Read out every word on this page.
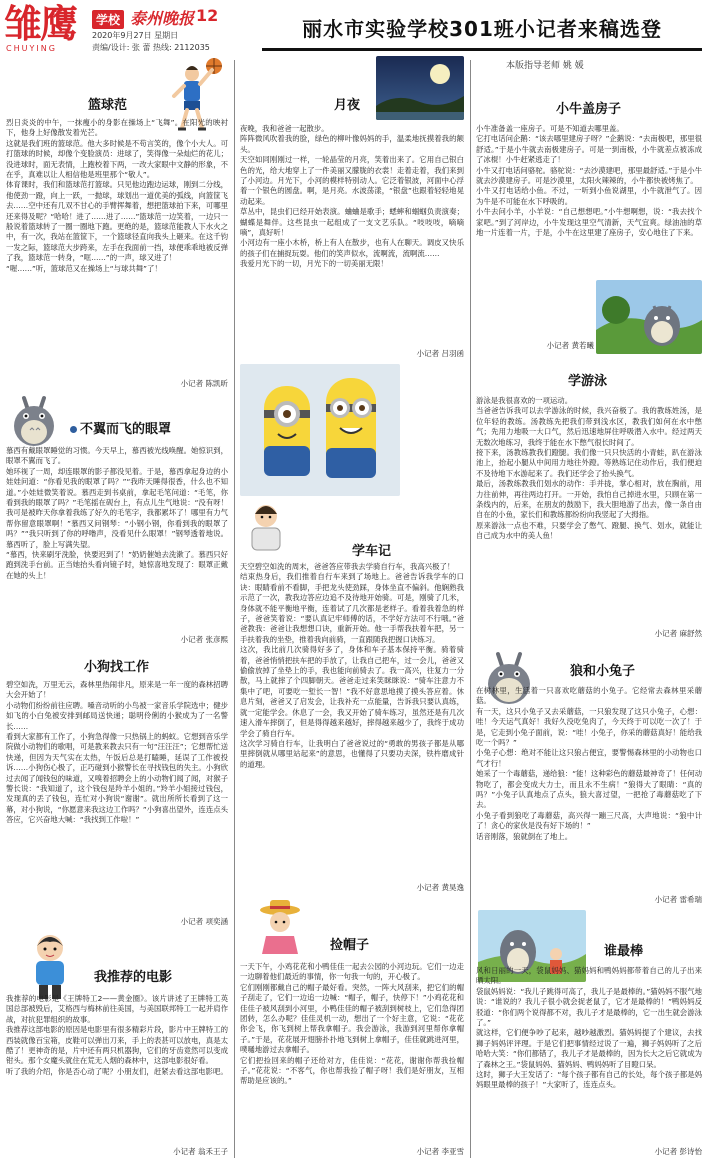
雏鹰
CHUYING
学校 泰州晚报 12
2020年9月27日 星期日
责编/设计: 张 蕾 热线: 2112035
丽水市实验学校301班小记者来稿选登
本版指导老师 姚 媛
篮球范
烈日炎炎的中午，一抹瘦小的身影在操场上“飞舞”。在阳光的映衬下，他身上好像散发着光芒。
这就是我们班的篮球范。他大多时候是不苟言笑的，像个小大人。可打篮球的时候，却像个变脸演员：进球了，笑得像一朵灿烂的花儿；没进球时，面无表情，上跑校着下两，一改大家眼中文静的形象，不在乎，真难以让人相信他是班里那个“敬人”。
体育课时，我们和篮球范打篮球。只见他边跑边运球，刚到二分线，他使劲一蹬，向上一跃，一抛球，球划出一道优美的弧线，向篮筐飞去……空中还有几双不甘心的手臂挥舞着，想把篮球拍下来，可哪里还来得及呢？“哈哈！进了……进了……”篮球范一边笑着，一边只一般说着篮球转了一圈一圈地下跑。更绝的是，篮球范能教人下水火之中，有一次，我站在篮筐下，一个篮球径直向我头上砸来。在这千钧一发之际，篮球范大步跨来，左手在我面前一挡，球便乖乖地被反弹了我，篮球范一转身，“哐……”的一声，球又进了！
“喔……”听，篮球范又在操场上“与球共舞”了！
小记者 陈凯昕
不翼而飞的眼罩
慕西有戴眼罩睡觉的习惯。今天早上，慕西被光线唤醒。她惊识到，眼罩不翼而飞了。
她环视了一周，却连眼罩的影子都没见着。于是，慕西拿起身边的小娃娃问道：“你看见我的眼罩了吗？”“我昨天睡得很香，什么也不知道。”小娃娃微笑着说。慕西走到书桌前，拿起毛笔问道：“毛笔，你看到我的眼罩了吗？”毛笔摇在砚台上，有点儿生气地说：“没有呀！我可是被昨天你拿着我练了好久的毛笔字，我都累坏了！哪里有力气帮你留意眼罩啊！”慕西又问钢琴：“小钢小钢，你看到我的眼罩了吗？”“我只听到了你的呼噜声，没看见什么眼罩！”钢琴透着地说。慕西听了，脸上写满失望。
“慕西，快来刷牙洗脸，快要迟到了！”奶奶催她去洗漱了。慕西只好跑到洗手台前。正当她抬头看向镜子时，她惊喜地发现了：眼罩正戴在她的头上！
小记者 张彦熙
小狗找工作
碧空如洗，万里无云，森林里热闹非凡，原来是一年一度的森林招聘大会开始了！
小动物们纷纷前往应聘。嗓音动听的小鸟被一家音乐学院选中；健步如飞的小白兔被安排到邮局送快递；聪明伶俐的小猴成为了一名警长……
看到大家都有工作了，小狗急得像一只热锅上的蚂蚁。它想到音乐学院做小动物们的歌唱，可是教来教去只有一句“汪汪汪”；它想帮忙送快递，但因为天气实在太热，午饭后总是打瞌睡，延误了工作被投诉……小狗伤心极了，正巧碰到小猴警长在寻找钱包的失主。小狗欣过去闻了闻钱包的味道，又嗅着招聘会上的小动物们闻了闻，对猴子警长说：“我知道了，这个钱包是羚羊小姐的。”羚羊小姐接过钱包，发现真的丢了钱包，连忙对小狗说“谢谢”。就出所所长看到了这一幕，对小狗说，“你愿意来我这边工作吗？”小狗喜出望外，连连点头答应，它兴奋地大喊：“我找到工作啦！”
小记者 项奕涵
我推荐的电影
我推荐的电影是《王牌特工2——黄金圈》。该片讲述了王牌特工英国总部被毁后，艾格西与梅林前往美国，与美国联邦特工一起并肩作战，对抗犯罪组织的故事。
我推荐这部电影的原因是电影里有很多精彩片段，影片中王牌特工的西装就像百宝箱，皮鞋可以弹出刀来，手上的表甚可以放电，真是太酷了！更神奇的是，片中还有两只机器狗，它们的牙齿竟然可以变成钳头。那个女魔头就住在荒无人烟的森林中，这部电影很好看。
听了我的介绍，你是否心动了呢？小朋友们，赶紧去看这部电影吧。
小记者 翁禾王子
月夜
夜晚，我和爸爸一起散步。
阵阵微风吹着我的脸，绿色的柳叶像妈妈的手，温柔地抚摸着我的额头。
天空如同刚刚过一样，一轮晶莹的月亮，笑着出来了。它用自己银白色的光，给大地穿上了一件美丽又朦胧的衣裳！走着走着，我们来到了小河边。月光下，小河的模样特别动人。它泛着银波，河面中心浮着一个银色的圆盘。啊，是月亮。水波荡漾，“银盘”也跟着轻轻地晃动起来。
草丛中，昆虫们已经开始表演。蛐蛐是歌手；蟋蟀和蝈蝈负责演奏；蝴蝶是舞伴。这些昆虫一起组成了一支文艺乐队。“吱吱吱，嘀嘀嘀”，真好听！
小河边有一座小木桥，桥上有人在散步，也有人在聊天。调皮又快乐的孩子们在捕捉玩耍。他们的笑声似水，流啊流，流啊流……
我爱月光下的一切，月光下的一切美丽无限！
小记者 吕羽函
学车记
天空碧空如洗的周末，爸爸答应带我去学骑自行车，我高兴极了！
结束热身后，我们推着自行车来到了场地上。爸爸告诉我学车的口诀：眼睛看前不看脚，手把龙头使劲踩，身体坐直不偏斜。他娴熟我示范了一次，教我边答应边追不及待地开始骑。可是，刚骑了几米，身体就不能平衡地平衡，连着试了几次都是老样子。看着我着急的样子，爸爸笑着说：“要认真记牢师傅的话，不学好方法可不行哦。”爸爸教我：爸爸让我想想口诀，重新开始。他一手帮我扶着车把，另一手扶着我的坐垫，推着我向前骑，一直跟随我把握口诀练习。
这次，我比前几次骑得好多了，身体和车子基本保持平衡。骑着骑着，爸爸悄悄把扶车把的手放了，让我自己把车，过一会儿，爸爸又偷偷放掉了坐垫上的手，我也能向前骑去了。我一高兴，往复力一分散，马上就摔了个四脚朝天。爸爸走过来笑眯眯说：“骑车注意力不集中了吧，可要吃一堑长一智！”我不好意思地摸了摸头答应着。休息片刻，爸爸又了启发会，让我补充一点能量，告诉我只要认真练，就一定能学会。休息了一会，我又开始了骑车练习，虽然还是有几次速入滑车摔倒了，但是得得越来越好，摔得越来越少了，我终于成功学会了骑自行车。
这次学习骑自行车，让我明白了爸爸说过的“勇敢的男孩子都是从哪里摔倒就从哪里站起来”的意思，也懂得了只要功夫深，铁杵磨成针的道理。
小记者 黄昊逸
捡帽子
一天下午，小鸡花花和小鸭佳佳一起去公园的小河边玩。它们一边走一边聊着他们最近的事情，你一句我一句的，开心极了。
它们刚刚都戴自己的帽子最好看。突然，一阵大风刮来，把它们的帽子刮走了，它们一边追一边喊：“帽子，帽子，快停下！”小鸡花花和佳佳子被风刮到小河里，小鸭佳佳的帽子被刮到树枝上，它们急得团团转，怎么办呢？佳佳灵机一动，想出了一个好主意，它说：“花花你会飞，你飞到树上帮我拿帽子。我会游泳，我游到河里帮你拿帽子。”于是，花花展开翅膀扑扑地飞到树上拿帽子，佳佳就跳进河里，噗嗵地游过去拿帽子。
它们把捡回来的帽子还给对方，佳佳说：“花花，谢谢你帮我捡帽子。”花花说：“不客气，你也帮我捡了帽子呀！我们是好朋友，互相帮助是应该的。”
小记者 李亚雪
小牛盖房子
小牛准备盖一座房子。可是不知道去哪里盖。
它打电话问企鹅：“该去哪里建房子呀？”企鹅说：“去南极吧，那里很舒适。”于是小牛就去南极建房子。可是一到南极，小牛就差点被冻成了冰棍！小牛赶紧逃走了！
小牛又打电话问骆驼。骆驼说：“去沙漠建吧，那里最舒适。”于是小牛就去沙漠建房子。可是沙漠里，太阳火辣辣的，小牛都快被烤焦了。
小牛又打电话给小鱼。不过，一听到小鱼说湖里，小牛就泄气了。因为牛是不可能在水下呼吸的。
小牛去问小羊，小羊说：“自己想想吧。”小牛想啊想，说：“我去找个家吧。”到了河岸边，小牛发现这里空气清新，天气宜爽。绿油油的草地一片连着一片，于是，小牛在这里建了座房子，安心地住了下来。
小记者 黄若曦
学游泳
游泳是我很喜欢的一项运动。
当爸爸告诉我可以去学游泳的时候，我兴奋极了。我的教练姓汤，是位年轻的教练。汤教练先把我们带到浅水区，教我们如何在水中憋气；先用力地吸一大口气，然后迅速地屏住呼吸潜入水中。经过两天无数次地练习，我终于能在水下憋气很长时间了。
接下来，汤教练教我们蹬腿。我们像一只只快活的小青蛙，趴在游泳池上，抬起小腿从中间用力地往外蹬。等熟练记住动作后，我们便迫不及待地下水游起来了。我们还学会了抬头换气。
最后，汤教练教我们划水的动作：手并拢，掌心相对，放在胸前，用力往前伸，再往两边打开。一开始，我怕自己掉进水里，只顾在第一条线内的，后来，在朋友的鼓励下，我大胆地游了出去，像一条自由自在的小鱼，家长们和教练都纷纷向我竖起了大拇指。
原来游泳一点也不难，只要学会了憋气、蹬腿、换气、划水，就能让自己成为水中的美人鱼！
小记者 麻舒然
狼和小兔子
在树林里，生活着一只喜欢吃蘑菇的小兔子。它经常去森林里采蘑菇。
有一天，这只小兔子又去采蘑菇，一只狼发现了这只小兔子，心想：哇！今天运气真好！我好久没吃兔肉了，今天终于可以吃一次了！于是，它走到小兔子面前，说：“哇！小兔子，你采的蘑菇真好！能给我吃一个吗？”
小兔子心想：绝对不能让这只狼占便宜，要警惕森林里的小动物也口气才行！
她采了一个毒蘑菇，递给狼：“能！这种彩色的蘑菇最神奇了！任何动物吃了，都会变成大力士，而且永不生病！”狼得大了眼睛：“真的吗？”小兔子认真地点了点头，狼大喜过望，一把抢了毒蘑菇吃了下去。
小兔子看到狼吃了毒蘑菇，高兴得一蹦三尺高，大声地说：“狼中计了！贪心的家伙是没有好下场的！”
话音刚落，狼就倒在了地上。
小记者 雷希瑞
谁最棒
风和日丽的一天，袋鼠妈妈、猫妈妈和鸭妈妈都带着自己的儿子出来晒太阳。
袋鼠妈妈说：“我儿子跳得可高了，我儿子是最棒的。”猫妈妈不服气地说：“谁说的？我儿子很小就会捉老鼠了，它才是最棒的！”鸭妈妈反驳道：“你们两个说得都不对，我儿子才是最棒的，它一出生就会游泳了。”
就这样，它们便争吵了起来，越吵越激烈。猫妈妈提了个建议，去找狮子妈妈评评理。于是它们把事情经过说了一遍，狮子妈妈听了之后哈哈大笑：“你们都错了，我儿子才是最棒的，因为长大之后它就成为了森林之王。”袋鼠妈妈、猫妈妈、鸭妈妈听了目瞪口呆。
这时，狮子大王发话了：“每个孩子都有自己的长处，每个孩子都是妈妈眼里最棒的孩子！”大家听了，连连点头。
小记者 彭诗怡
